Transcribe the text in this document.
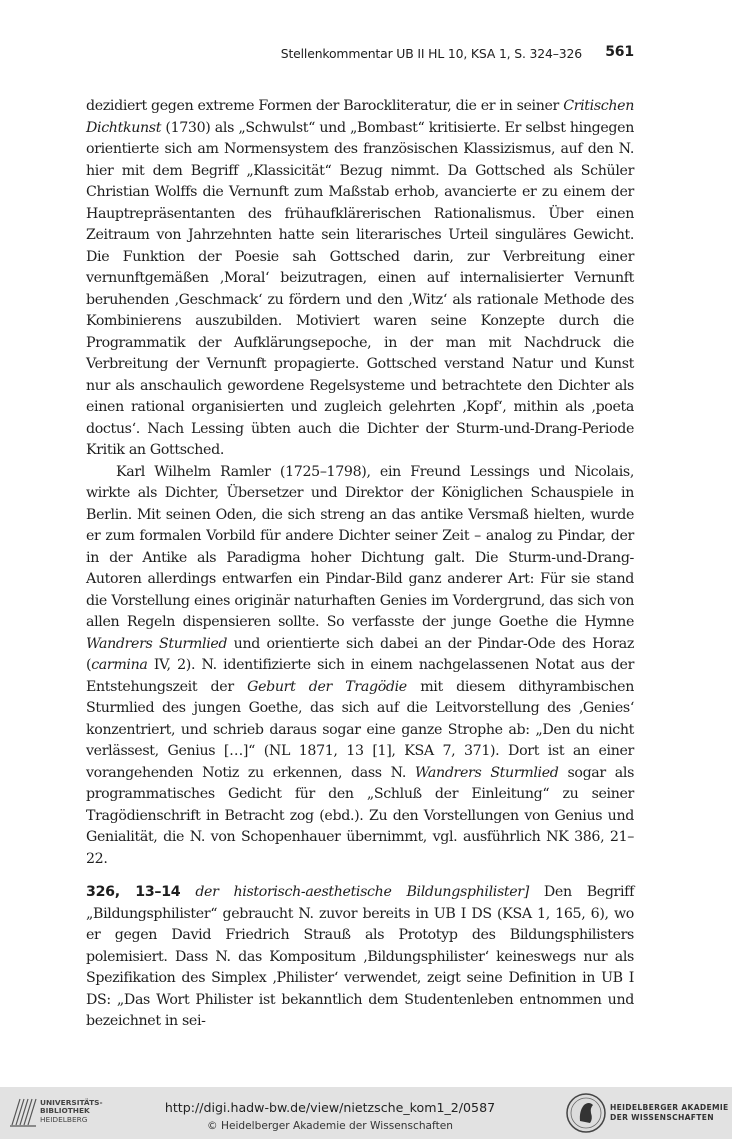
Stellenkommentar UB II HL 10, KSA 1, S. 324–326 561

dezidiert gegen extreme Formen der Barockliteratur, die er in seiner Critischen Dichtkunst (1730) als „Schwulst“ und „Bombast“ kritisierte. Er selbst hingegen orientierte sich am Normensystem des französischen Klassizismus, auf den N. hier mit dem Begriff „Klassicität“ Bezug nimmt. Da Gottsched als Schüler Christian Wolffs die Vernunft zum Maßstab erhob, avancierte er zu einem der Hauptrepräsentanten des frühaufklärerischen Rationalismus. Über einen Zeitraum von Jahrzehnten hatte sein literarisches Urteil singuläres Gewicht. Die Funktion der Poesie sah Gottsched darin, zur Verbreitung einer vernunftgemäßen ‚Moral‘ beizutragen, einen auf internalisierter Vernunft beruhenden ‚Geschmack‘ zu fördern und den ‚Witz‘ als rationale Methode des Kombinierens auszubilden. Motiviert waren seine Konzepte durch die Programmatik der Aufklärungsepoche, in der man mit Nachdruck die Verbreitung der Vernunft propagierte. Gottsched verstand Natur und Kunst nur als anschaulich gewordene Regelsysteme und betrachtete den Dichter als einen rational organisierten und zugleich gelehrten ‚Kopf‘, mithin als ‚poeta doctus‘. Nach Lessing übten auch die Dichter der Sturm-und-Drang-Periode Kritik an Gottsched.

Karl Wilhelm Ramler (1725–1798), ein Freund Lessings und Nicolais, wirkte als Dichter, Übersetzer und Direktor der Königlichen Schauspiele in Berlin. Mit seinen Oden, die sich streng an das antike Versmaß hielten, wurde er zum formalen Vorbild für andere Dichter seiner Zeit – analog zu Pindar, der in der Antike als Paradigma hoher Dichtung galt. Die Sturm-und-Drang-Autoren allerdings entwarfen ein Pindar-Bild ganz anderer Art: Für sie stand die Vorstellung eines originär naturhaften Genies im Vordergrund, das sich von allen Regeln dispensieren sollte. So verfasste der junge Goethe die Hymne Wandrers Sturmlied und orientierte sich dabei an der Pindar-Ode des Horaz (carmina IV, 2). N. identifizierte sich in einem nachgelassenen Notat aus der Entstehungszeit der Geburt der Tragödie mit diesem dithyrambischen Sturmlied des jungen Goethe, das sich auf die Leitvorstellung des ‚Genies‘ konzentriert, und schrieb daraus sogar eine ganze Strophe ab: „Den du nicht verlässest, Genius […]“ (NL 1871, 13 [1], KSA 7, 371). Dort ist an einer vorangehenden Notiz zu erkennen, dass N. Wandrers Sturmlied sogar als programmatisches Gedicht für den „Schluß der Einleitung“ zu seiner Tragödienschrift in Betracht zog (ebd.). Zu den Vorstellungen von Genius und Genialität, die N. von Schopenhauer übernimmt, vgl. ausführlich NK 386, 21–22.

326, 13–14 der historisch-aesthetische Bildungsphilister] Den Begriff „Bildungsphilister“ gebraucht N. zuvor bereits in UB I DS (KSA 1, 165, 6), wo er gegen David Friedrich Strauß als Prototyp des Bildungsphilisters polemisiert. Dass N. das Kompositum ‚Bildungsphilister‘ keineswegs nur als Spezifikation des Simplex ‚Philister‘ verwendet, zeigt seine Definition in UB I DS: „Das Wort Philister ist bekanntlich dem Studentenleben entnommen und bezeichnet in sei-

UNIVERSITÄTS-
BIBLIOTHEK
HEIDELBERG
http://digi.hadw-bw.de/view/nietzsche_kom1_2/0587
© Heidelberger Akademie der Wissenschaften
HEIDELBERGER AKADEMIE
DER WISSENSCHAFTEN
